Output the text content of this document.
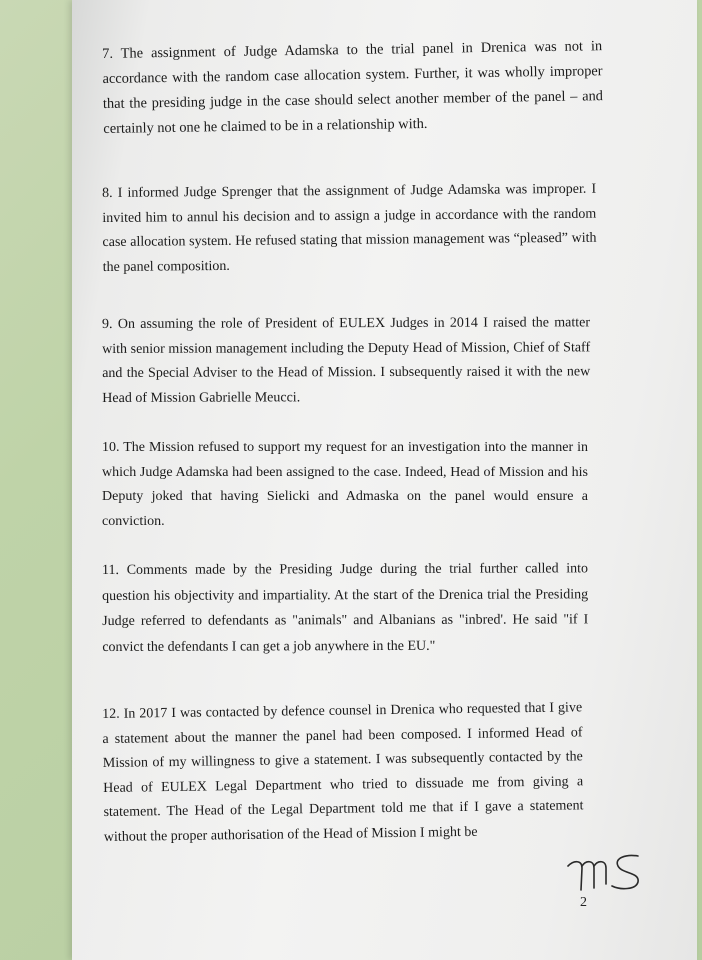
7. The assignment of Judge Adamska to the trial panel in Drenica was not in accordance with the random case allocation system. Further, it was wholly improper that the presiding judge in the case should select another member of the panel – and certainly not one he claimed to be in a relationship with.
8. I informed Judge Sprenger that the assignment of Judge Adamska was improper. I invited him to annul his decision and to assign a judge in accordance with the random case allocation system. He refused stating that mission management was “pleased” with the panel composition.
9. On assuming the role of President of EULEX Judges in 2014 I raised the matter with senior mission management including the Deputy Head of Mission, Chief of Staff and the Special Adviser to the Head of Mission. I subsequently raised it with the new Head of Mission Gabrielle Meucci.
10. The Mission refused to support my request for an investigation into the manner in which Judge Adamska had been assigned to the case. Indeed, Head of Mission and his Deputy joked that having Sielicki and Admaska on the panel would ensure a conviction.
11. Comments made by the Presiding Judge during the trial further called into question his objectivity and impartiality. At the start of the Drenica trial the Presiding Judge referred to defendants as "animals" and Albanians as "inbred'. He said "if I convict the defendants I can get a job anywhere in the EU."
12. In 2017 I was contacted by defence counsel in Drenica who requested that I give a statement about the manner the panel had been composed. I informed Head of Mission of my willingness to give a statement. I was subsequently contacted by the Head of EULEX Legal Department who tried to dissuade me from giving a statement. The Head of the Legal Department told me that if I gave a statement without the proper authorisation of the Head of Mission I might be
2
